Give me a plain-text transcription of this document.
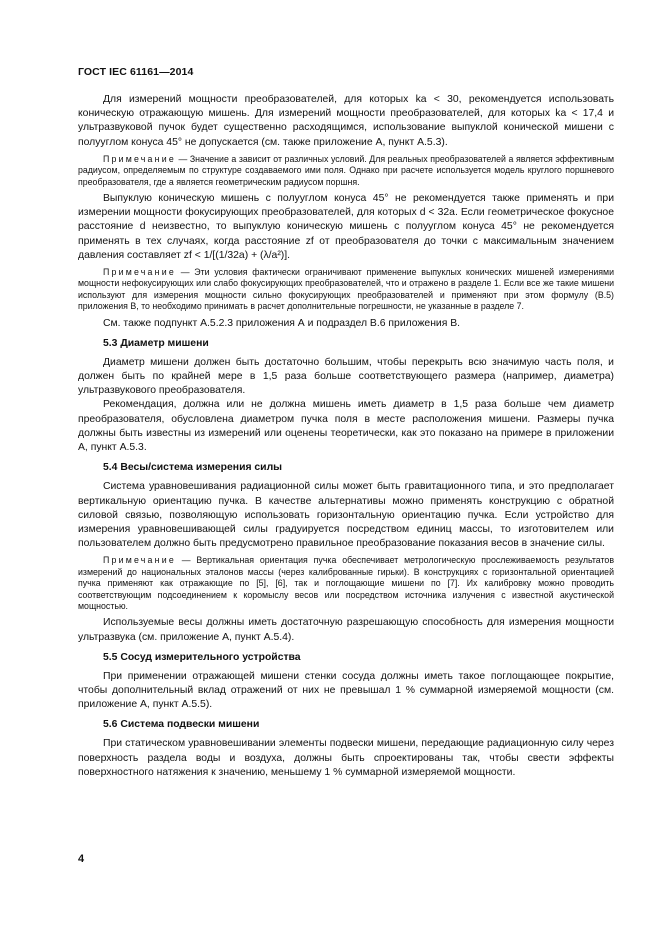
ГОСТ IEC 61161—2014

Для измерений мощности преобразователей, для которых ka < 30, рекомендуется использовать коническую отражающую мишень. Для измерений мощности преобразователей, для которых ka < 17,4 и ультразвуковой пучок будет существенно расходящимся, использование выпуклой конической мишени с полууглом конуса 45° не допускается (см. также приложение А, пункт А.5.3).

Примечание — Значение a зависит от различных условий. Для реальных преобразователей a является эффективным радиусом, определяемым по структуре создаваемого ими поля. Однако при расчете используется модель круглого поршневого преобразователя, где a является геометрическим радиусом поршня.

Выпуклую коническую мишень с полууглом конуса 45° не рекомендуется также применять и при измерении мощности фокусирующих преобразователей, для которых d < 32a. Если геометрическое фокусное расстояние d неизвестно, то выпуклую коническую мишень с полууглом конуса 45° не рекомендуется применять в тех случаях, когда расстояние zf от преобразователя до точки с максимальным значением давления составляет zf < 1/[(1/32a) + (λ/a²)].

Примечание — Эти условия фактически ограничивают применение выпуклых конических мишеней измерениями мощности нефокусирующих или слабо фокусирующих преобразователей, что и отражено в разделе 1. Если все же такие мишени используют для измерения мощности сильно фокусирующих преобразователей и применяют при этом формулу (В.5) приложения В, то необходимо принимать в расчет дополнительные погрешности, не указанные в разделе 7.

См. также подпункт А.5.2.3 приложения А и подраздел В.6 приложения В.

5.3 Диаметр мишени

Диаметр мишени должен быть достаточно большим, чтобы перекрыть всю значимую часть поля, и должен быть по крайней мере в 1,5 раза больше соответствующего размера (например, диаметра) ультразвукового преобразователя.

Рекомендация, должна или не должна мишень иметь диаметр в 1,5 раза больше чем диаметр преобразователя, обусловлена диаметром пучка поля в месте расположения мишени. Размеры пучка должны быть известны из измерений или оценены теоретически, как это показано на примере в приложении А, пункт А.5.3.

5.4 Весы/система измерения силы

Система уравновешивания радиационной силы может быть гравитационного типа, и это предполагает вертикальную ориентацию пучка. В качестве альтернативы можно применять конструкцию с обратной силовой связью, позволяющую использовать горизонтальную ориентацию пучка. Если устройство для измерения уравновешивающей силы градуируется посредством единиц массы, то изготовителем или пользователем должно быть предусмотрено правильное преобразование показания весов в значение силы.

Примечание — Вертикальная ориентация пучка обеспечивает метрологическую прослеживаемость результатов измерений до национальных эталонов массы (через калиброванные гирьки). В конструкциях с горизонтальной ориентацией пучка применяют как отражающие по [5], [6], так и поглощающие мишени по [7]. Их калибровку можно проводить соответствующим подсоединением к коромыслу весов или посредством источника излучения с известной акустической мощностью.

Используемые весы должны иметь достаточную разрешающую способность для измерения мощности ультразвука (см. приложение А, пункт А.5.4).

5.5 Сосуд измерительного устройства

При применении отражающей мишени стенки сосуда должны иметь такое поглощающее покрытие, чтобы дополнительный вклад отражений от них не превышал 1 % суммарной измеряемой мощности (см. приложение А, пункт А.5.5).

5.6 Система подвески мишени

При статическом уравновешивании элементы подвески мишени, передающие радиационную силу через поверхность раздела воды и воздуха, должны быть спроектированы так, чтобы свести эффекты поверхностного натяжения к значению, меньшему 1 % суммарной измеряемой мощности.

4
